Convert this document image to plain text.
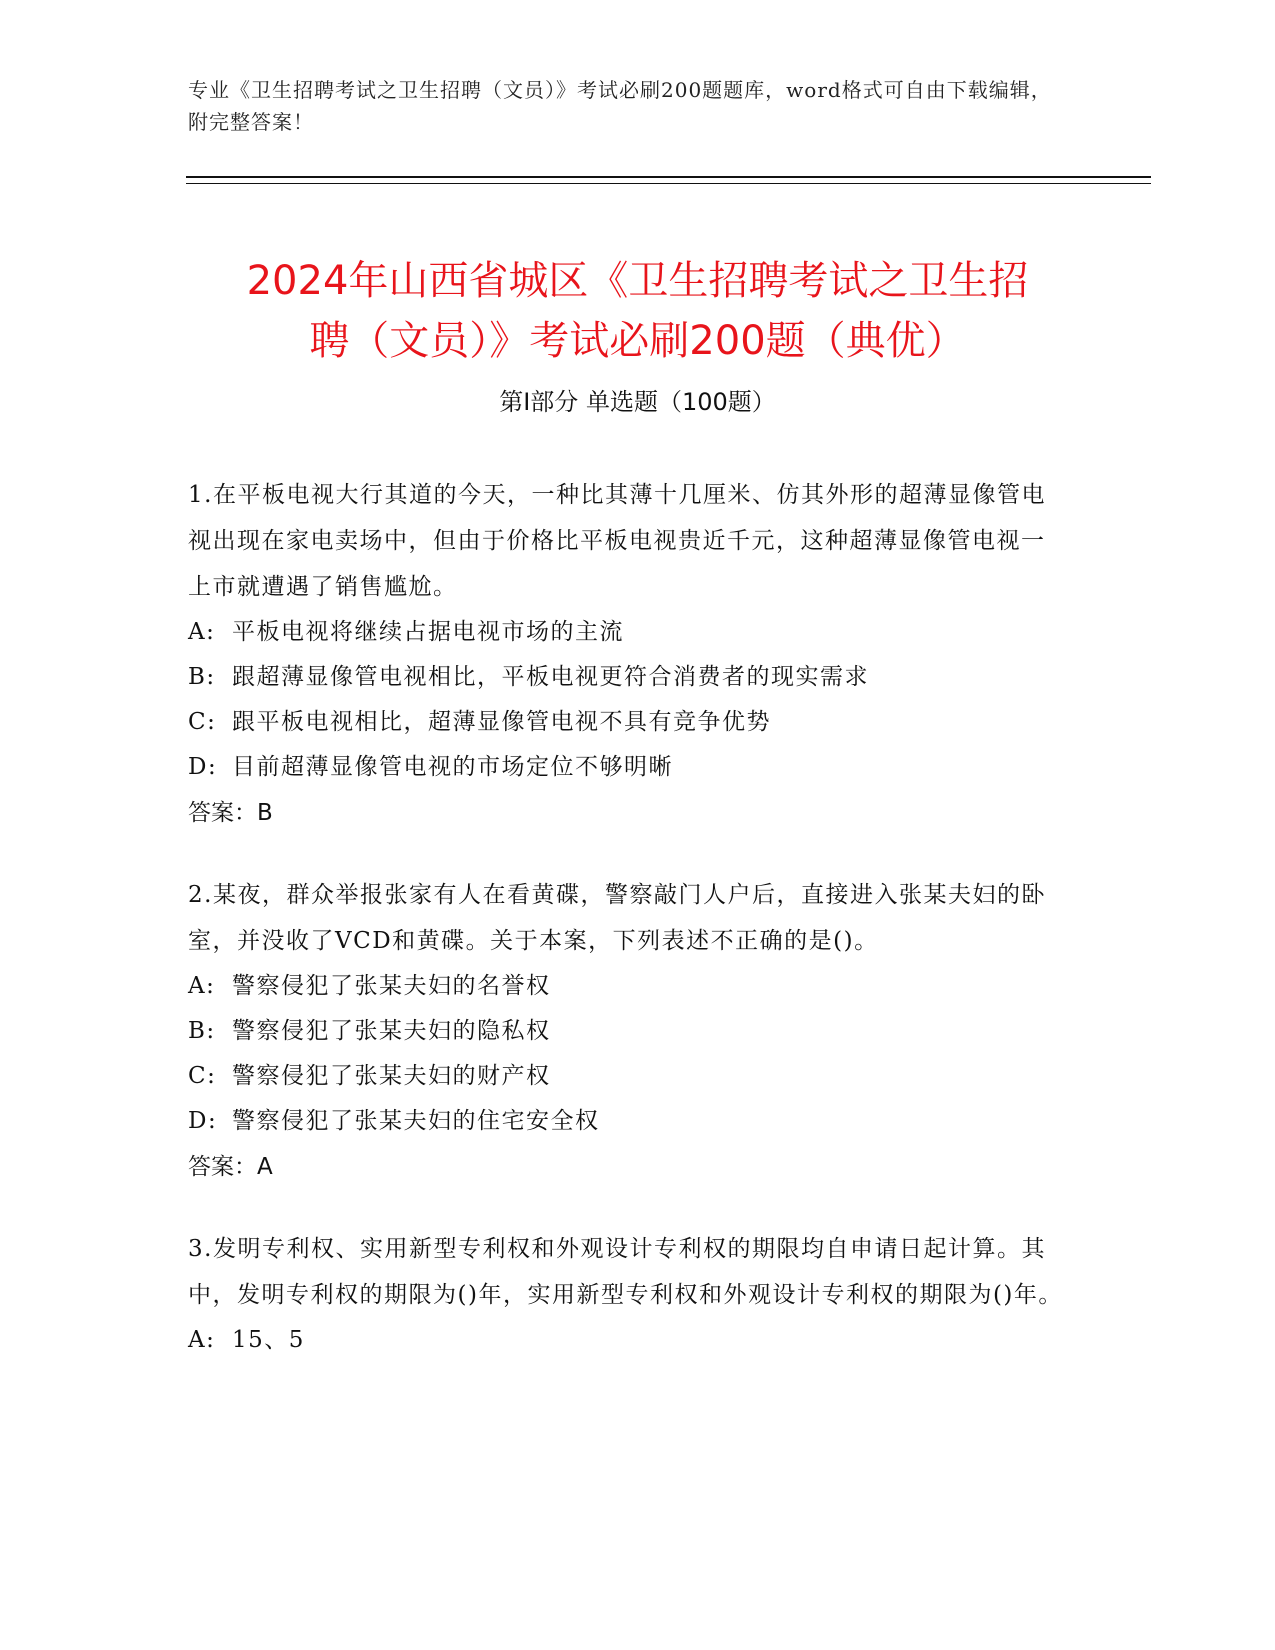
专业《卫生招聘考试之卫生招聘（文员）》考试必刷200题题库，word格式可自由下载编辑，附完整答案！
2024年山西省城区《卫生招聘考试之卫生招
聘（文员）》考试必刷200题（典优）
第Ⅰ部分 单选题（100题）
1.在平板电视大行其道的今天，一种比其薄十几厘米、仿其外形的超薄显像管电视出现在家电卖场中，但由于价格比平板电视贵近千元，这种超薄显像管电视一上市就遭遇了销售尴尬。
A: 平板电视将继续占据电视市场的主流
B: 跟超薄显像管电视相比，平板电视更符合消费者的现实需求
C: 跟平板电视相比，超薄显像管电视不具有竞争优势
D: 目前超薄显像管电视的市场定位不够明晰
答案：B
2.某夜，群众举报张家有人在看黄碟，警察敲门人户后，直接进入张某夫妇的卧室，并没收了VCD和黄碟。关于本案，下列表述不正确的是()。
A: 警察侵犯了张某夫妇的名誉权
B: 警察侵犯了张某夫妇的隐私权
C: 警察侵犯了张某夫妇的财产权
D: 警察侵犯了张某夫妇的住宅安全权
答案：A
3.发明专利权、实用新型专利权和外观设计专利权的期限均自申请日起计算。其中，发明专利权的期限为()年，实用新型专利权和外观设计专利权的期限为()年。
A: 15、5
